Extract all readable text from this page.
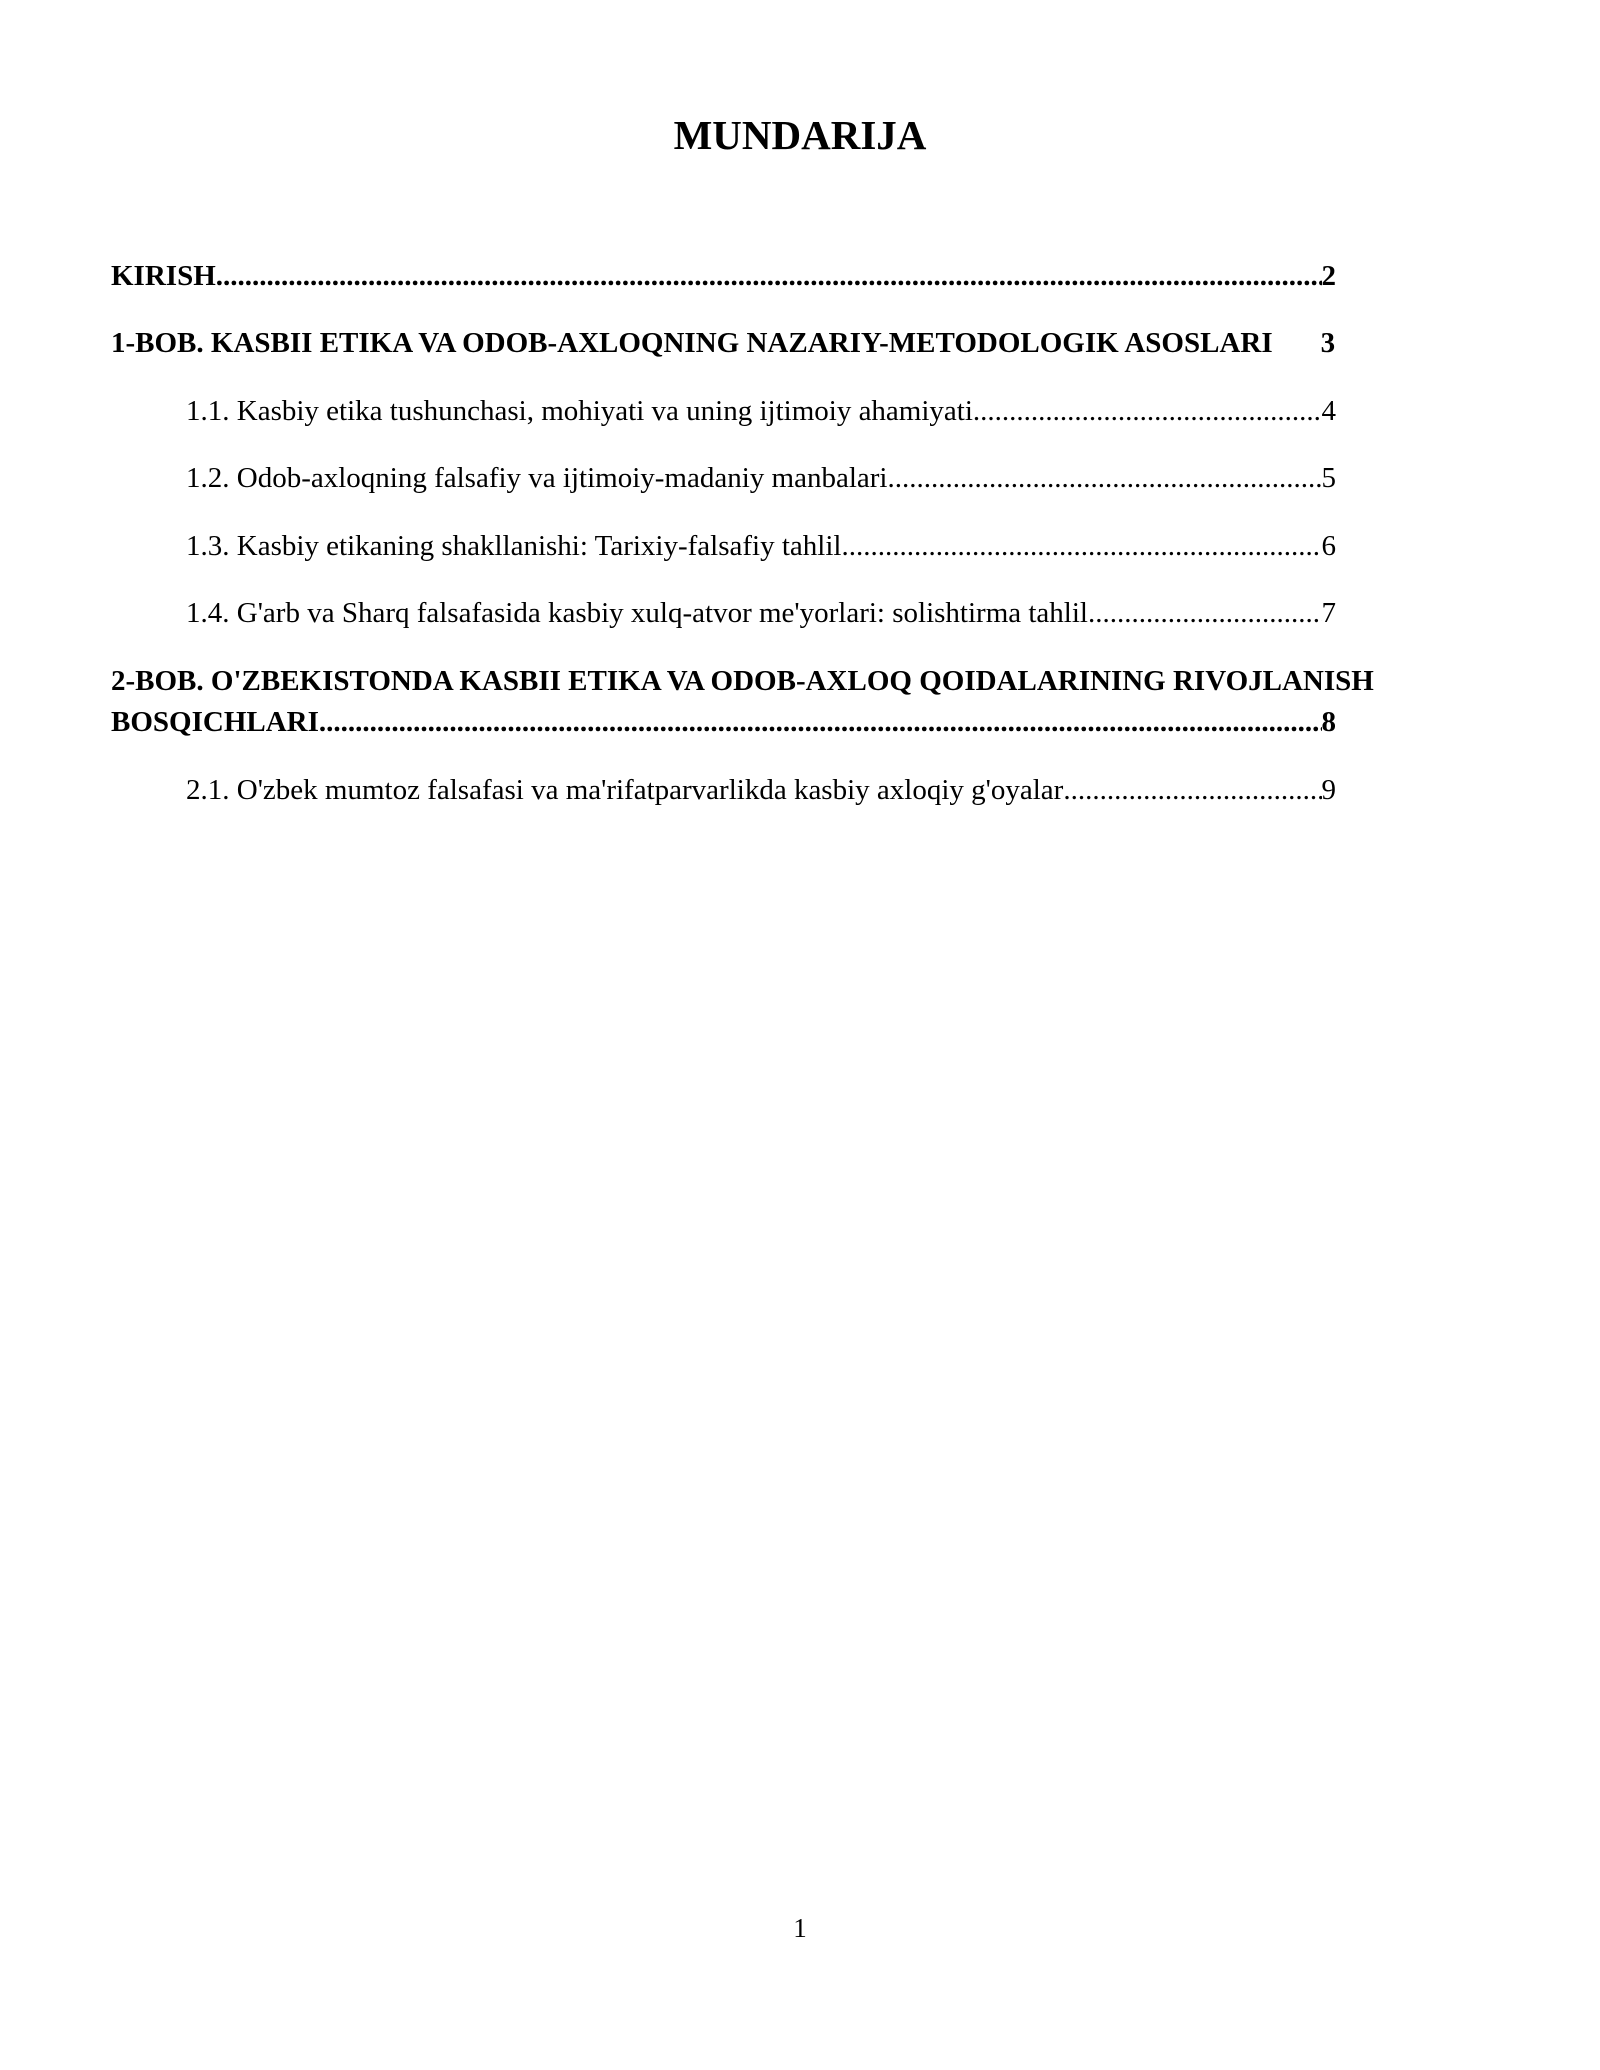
MUNDARIJA
KIRISH .....	2
1-BOB. KASBII ETIKA VA ODOB-AXLOQNING NAZARIY-METODOLOGIK ASOSLARI 3
1.1. Kasbiy etika tushunchasi, mohiyati va uning ijtimoiy ahamiyati .....	4
1.2. Odob-axloqning falsafiy va ijtimoiy-madaniy manbalari .....	5
1.3. Kasbiy etikaning shakllanishi: Tarixiy-falsafiy tahlil .....	6
1.4. G'arb va Sharq falsafasida kasbiy xulq-atvor me'yorlari: solishtirma tahlil .....	7
2-BOB. O'ZBEKISTONDA KASBII ETIKA VA ODOB-AXLOQ QOIDALARINING RIVOJLANISH
BOSQICHLARI .....	8
2.1. O'zbek mumtoz falsafasi va ma'rifatparvarlikda kasbiy axloqiy g'oyalar .....	9
1
